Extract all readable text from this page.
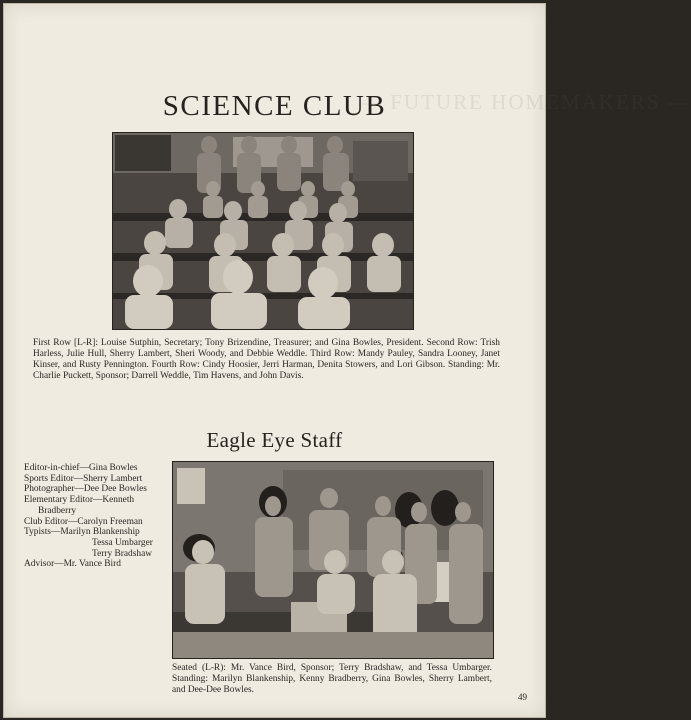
— FUTURE HOMEMAKERS —
SCIENCE CLUB

First Row [L-R]: Louise Sutphin, Secretary; Tony Brizendine, Treasurer; and Gina Bowles, President. Second Row: Trish Harless, Julie Hull, Sherry Lambert, Sheri Woody, and Debbie Weddle. Third Row: Mandy Pauley, Sandra Looney, Janet Kinser, and Rusty Pennington. Fourth Row: Cindy Hoosier, Jerri Harman, Denita Stowers, and Lori Gibson. Standing: Mr. Charlie Puckett, Sponsor; Darrell Weddle, Tim Havens, and John Davis.

Eagle Eye Staff
Editor-in-chief—Gina Bowles
Sports Editor—Sherry Lambert
Photographer—Dee Dee Bowles
Elementary Editor—Kenneth Bradberry
Club Editor—Carolyn Freeman
Typists—Marilyn Blankenship
Tessa Umbarger
Terry Bradshaw
Advisor—Mr. Vance Bird

Seated (L-R): Mr. Vance Bird, Sponsor; Terry Bradshaw, and Tessa Umbarger. Standing: Marilyn Blankenship, Kenny Bradberry, Gina Bowles, Sherry Lambert, and Dee-Dee Bowles.

49
